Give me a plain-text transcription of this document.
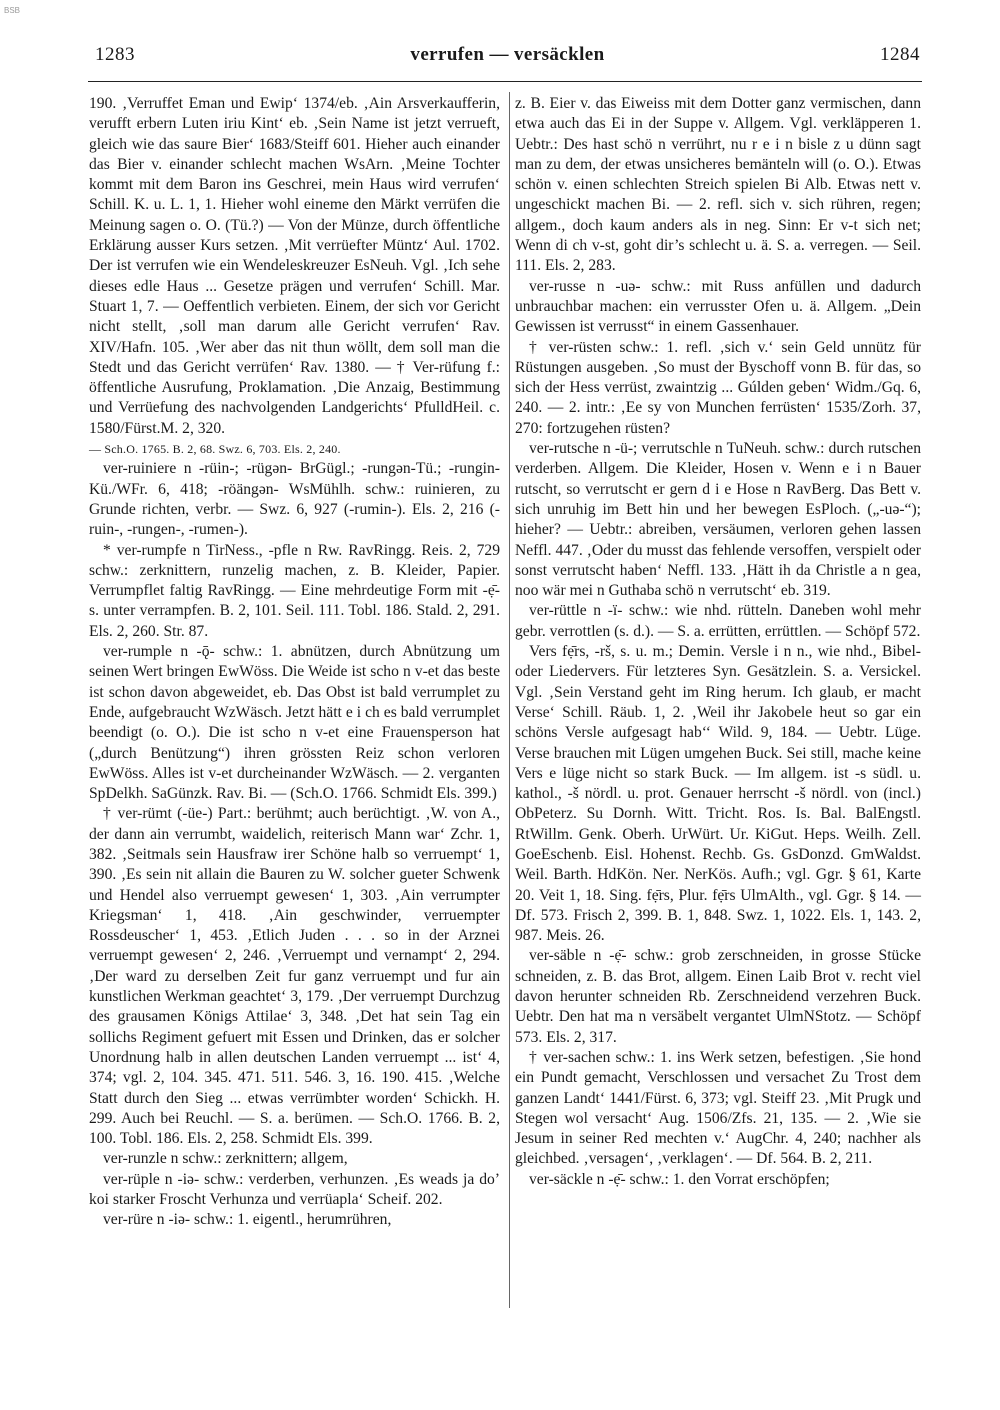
BSB
1283	verrufen — versäcklen	1284

190. ‚Verruffet Eman und Ewip‘ 1374/eb. ‚Ain Arsverkaufferin, verufft erbern Luten iriu Kint‘ eb. ‚Sein Name ist jetzt verrueft, gleich wie das saure Bier‘ 1683/Steiff 601. Hieher auch einander das Bier v. einander schlecht machen WsArn. ‚Meine Tochter kommt mit dem Baron ins Geschrei, mein Haus wird verrufen‘ Schill. K. u. L. 1, 1. Hieher wohl eineme den Märkt verrüfen die Meinung sagen o. O. (Tü.?) — Von der Münze, durch öffentliche Erklärung ausser Kurs setzen. ‚Mit verrüefter Müntz‘ Aul. 1702. Der ist verrufen wie ein Wendeleskreuzer EsNeuh. Vgl. ‚Ich sehe dieses edle Haus ... Gesetze prägen und verrufen‘ Schill. Mar. Stuart 1, 7. — Oeffentlich verbieten. Einem, der sich vor Gericht nicht stellt, ‚soll man darum alle Gericht verrufen‘ Rav. XIV/Hafn. 105. ‚Wer aber das nit thun wöllt, dem soll man die Stedt und das Gericht verrüfen‘ Rav. 1380. — † Ver-rüfung f.: öffentliche Ausrufung, Proklamation. ‚Die Anzaig, Bestimmung und Verrüefung des nachvolgenden Landgerichts‘ PfulldHeil. c. 1580/Fürst.M. 2, 320.

— Sch.O. 1765. B. 2, 68. Swz. 6, 703. Els. 2, 240.

ver-ruiniere n -rüin-; -rügən- BrGügl.; -rungən-Tü.; -rungin- Kü./WFr. 6, 418; -röängən- WsMühlh. schw.: ruinieren, zu Grunde richten, verbr. — Swz. 6, 927 (-rumin-). Els. 2, 216 (-ruin-, -rungen-, -rumen-).

* ver-rumpfe n TirNess., -pfle n Rw. RavRingg. Reis. 2, 729 schw.: zerknittern, runzelig machen, z. B. Kleider, Papier. Verrumpflet faltig RavRingg. — Eine mehrdeutige Form mit -ẹ̄- s. unter verrampfen. B. 2, 101. Seil. 111. Tobl. 186. Stald. 2, 291. Els. 2, 260. Str. 87.

ver-rumple n -ǭ- schw.: 1. abnützen, durch Abnützung um seinen Wert bringen EwWöss. Die Weide ist scho n v-et das beste ist schon davon abgeweidet, eb. Das Obst ist bald verrumplet zu Ende, aufgebraucht WzWäsch. Jetzt hätt e i ch es bald verrumplet beendigt (o. O.). Die ist scho n v-et eine Frauensperson hat („durch Benützung“) ihren grössten Reiz schon verloren EwWöss. Alles ist v-et durcheinander WzWäsch. — 2. verganten SpDelkh. SaGünzk. Rav. Bi. — (Sch.O. 1766. Schmidt Els. 399.)

† ver-rümt (-üe-) Part.: berühmt; auch berüchtigt. ‚W. von A., der dann ain verrumbt, waidelich, reiterisch Mann war‘ Zchr. 1, 382. ‚Seitmals sein Hausfraw irer Schöne halb so verruempt‘ 1, 390. ‚Es sein nit allain die Bauren zu W. solcher gueter Schwenk und Hendel also verruempt gewesen‘ 1, 303. ‚Ain verrumpter Kriegsman‘ 1, 418. ‚Ain geschwinder, verruempter Rossdeuscher‘ 1, 453. ‚Etlich Juden . . . so in der Arznei verruempt gewesen‘ 2, 246. ‚Verruempt und vernampt‘ 2, 294. ‚Der ward zu derselben Zeit fur ganz verruempt und fur ain kunstlichen Werkman geachtet‘ 3, 179. ‚Der verruempt Durchzug des grausamen Königs Attilae‘ 3, 348. ‚Det hat sein Tag ein sollichs Regiment gefuert mit Essen und Drinken, das er solcher Unordnung halb in allen deutschen Landen verruempt ... ist‘ 4, 374; vgl. 2, 104. 345. 471. 511. 546. 3, 16. 190. 415. ‚Welche Statt durch den Sieg ... etwas verrümbter worden‘ Schickh. H. 299. Auch bei Reuchl. — S. a. berümen. — Sch.O. 1766. B. 2, 100. Tobl. 186. Els. 2, 258. Schmidt Els. 399.

ver-runzle n schw.: zerknittern; allgem,

ver-rüple n -iə- schw.: verderben, verhunzen. ‚Es weads ja do’ koi starker Froscht Verhunza und verrüapla‘ Scheif. 202.

ver-rüre n -iə- schw.: 1. eigentl., herumrühren,

z. B. Eier v. das Eiweiss mit dem Dotter ganz vermischen, dann etwa auch das Ei in der Suppe v. Allgem. Vgl. verkläpperen 1. Uebtr.: Des hast schö n verrührt, nu r e i n bisle z u dünn sagt man zu dem, der etwas unsicheres bemänteln will (o. O.). Etwas schön v. einen schlechten Streich spielen Bi Alb. Etwas nett v. ungeschickt machen Bi. — 2. refl. sich v. sich rühren, regen; allgem., doch kaum anders als in neg. Sinn: Er v-t sich net; Wenn di ch v-st, goht dir’s schlecht u. ä. S. a. verregen. — Seil. 111. Els. 2, 283.

ver-russe n -uə- schw.: mit Russ anfüllen und dadurch unbrauchbar machen: ein verrusster Ofen u. ä. Allgem. „Dein Gewissen ist verrusst“ in einem Gassenhauer.

† ver-rüsten schw.: 1. refl. ‚sich v.‘ sein Geld unnütz für Rüstungen ausgeben. ‚So must der Byschoff vonn B. für das, so sich der Hess verrüst, zwaintzig ... Gúlden geben‘ Widm./Gq. 6, 240. — 2. intr.: ‚Ee sy von Munchen ferrüsten‘ 1535/Zorh. 37, 270: fortzugehen rüsten?

ver-rutsche n -ü-; verrutschle n TuNeuh. schw.: durch rutschen verderben. Allgem. Die Kleider, Hosen v. Wenn e i n Bauer rutscht, so verrutscht er gern d i e Hose n RavBerg. Das Bett v. sich unruhig im Bett hin und her bewegen EsPloch. („-uə-“); hieher? — Uebtr.: abreiben, versäumen, verloren gehen lassen Neffl. 447. ‚Oder du musst das fehlende versoffen, verspielt oder sonst verrutscht haben‘ Neffl. 133. ‚Hätt ih da Christle a n gea, noo wär mei n Guthaba schö n verrutscht‘ eb. 319.

ver-rüttle n -ï- schw.: wie nhd. rütteln. Daneben wohl mehr gebr. verrottlen (s. d.). — S. a. errütten, errüttlen. — Schöpf 572.

Vers fẹ̄rs, -rš, s. u. m.; Demin. Versle i n n., wie nhd., Bibel- oder Liedervers. Für letzteres Syn. Gesätzlein. S. a. Versickel. Vgl. ‚Sein Verstand geht im Ring herum. Ich glaub, er macht Verse‘ Schill. Räub. 1, 2. ‚Weil ihr Jakobele heut so gar ein schöns Versle aufgesagt hab‘‘ Wild. 9, 184. — Uebtr. Lüge. Verse brauchen mit Lügen umgehen Buck. Sei still, mache keine Vers e lüge nicht so stark Buck. — Im allgem. ist -s südl. u. kathol., -š nördl. u. prot. Genauer herrscht -š nördl. von (incl.) ObPeterz. Su Dornh. Witt. Tricht. Ros. Is. Bal. BalEngstl. RtWillm. Genk. Oberh. UrWürt. Ur. KiGut. Heps. Weilh. Zell. GoeEschenb. Eisl. Hohenst. Rechb. Gs. GsDonzd. GmWaldst. Weil. Barth. HdKön. Ner. NerKös. Aufh.; vgl. Ggr. § 61, Karte 20. Veit 1, 18. Sing. fẹ̄rs, Plur. fẹ̄rs UlmAlth., vgl. Ggr. § 14. — Df. 573. Frisch 2, 399. B. 1, 848. Swz. 1, 1022. Els. 1, 143. 2, 987. Meis. 26.

ver-säble n -ẹ̄- schw.: grob zerschneiden, in grosse Stücke schneiden, z. B. das Brot, allgem. Einen Laib Brot v. recht viel davon herunter schneiden Rb. Zerschneidend verzehren Buck. Uebtr. Den hat ma n versäbelt vergantet UlmNStotz. — Schöpf 573. Els. 2, 317.

† ver-sachen schw.: 1. ins Werk setzen, befestigen. ‚Sie hond ein Pundt gemacht, Verschlossen und versachet Zu Trost dem ganzen Landt‘ 1441/Fürst. 6, 373; vgl. Steiff 23. ‚Mit Prugk und Stegen wol versacht‘ Aug. 1506/Zfs. 21, 135. — 2. ‚Wie sie Jesum in seiner Red mechten v.‘ AugChr. 4, 240; nachher als gleichbed. ‚versagen‘, ‚verklagen‘. — Df. 564. B. 2, 211.

ver-säckle n -ẹ̄- schw.: 1. den Vorrat erschöpfen;
